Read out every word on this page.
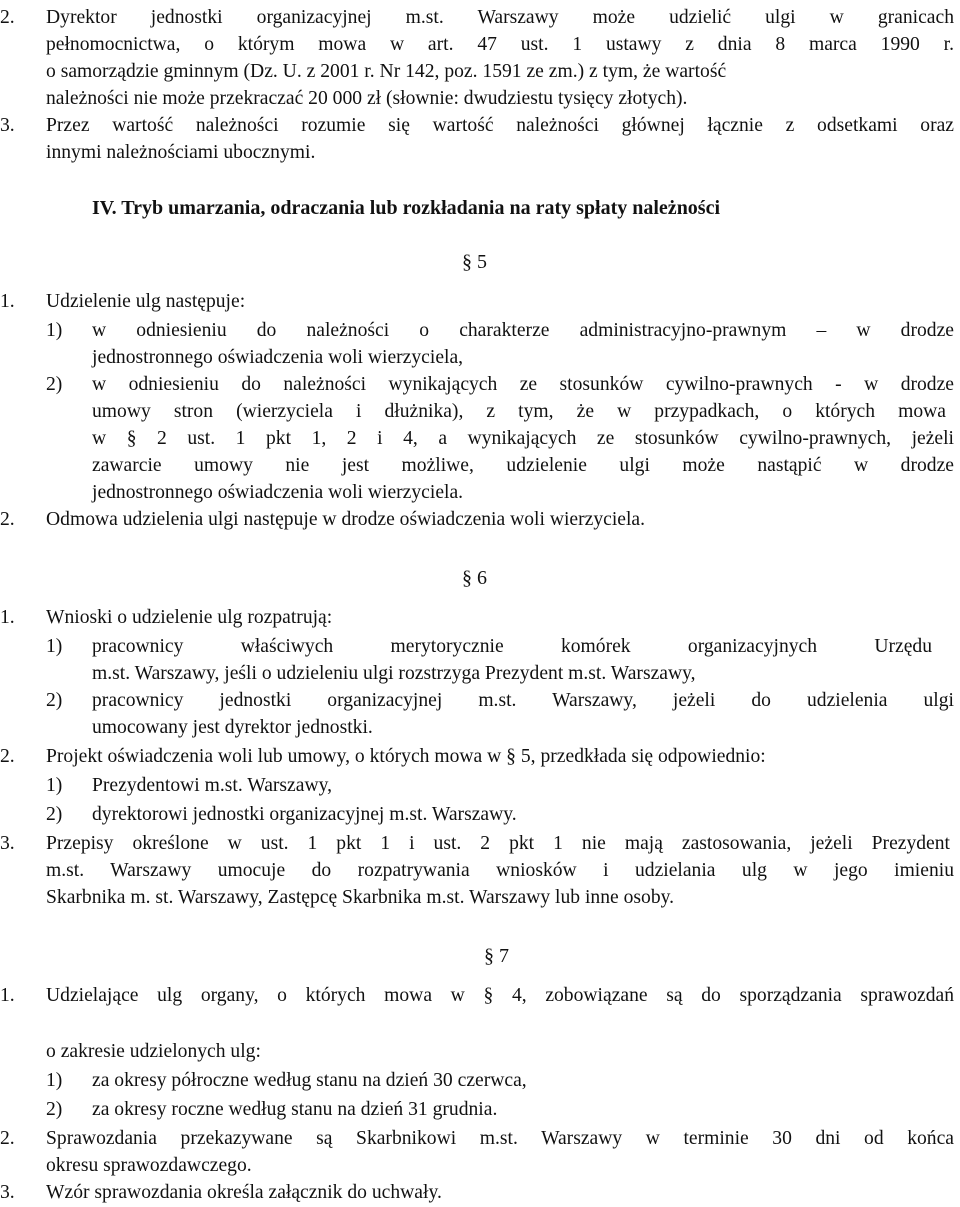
2. Dyrektor jednostki organizacyjnej m.st. Warszawy może udzielić ulgi w granicach
pełnomocnictwa, o którym mowa w art. 47 ust. 1 ustawy z dnia 8 marca 1990 r.
o samorządzie gminnym (Dz. U. z 2001 r. Nr 142, poz. 1591 ze zm.) z tym, że wartość
należności nie może przekraczać 20 000 zł (słownie: dwudziestu tysięcy złotych).
3. Przez wartość należności rozumie się wartość należności głównej łącznie z odsetkami oraz
innymi należnościami ubocznymi.
IV. Tryb umarzania, odraczania lub rozkładania na raty spłaty należności
§ 5
1. Udzielenie ulg następuje:
1) w odniesieniu do należności o charakterze administracyjno-prawnym – w drodze
jednostronnego oświadczenia woli wierzyciela,
2) w odniesieniu do należności wynikających ze stosunków cywilno-prawnych - w drodze
umowy stron (wierzyciela i dłużnika), z tym, że w przypadkach, o których mowa
w § 2 ust. 1 pkt 1, 2 i 4, a wynikających ze stosunków cywilno-prawnych, jeżeli
zawarcie umowy nie jest możliwe, udzielenie ulgi może nastąpić w drodze
jednostronnego oświadczenia woli wierzyciela.
2. Odmowa udzielenia ulgi następuje w drodze oświadczenia woli wierzyciela.
§ 6
1. Wnioski o udzielenie ulg rozpatrują:
1) pracownicy właściwych merytorycznie komórek organizacyjnych Urzędu
m.st. Warszawy, jeśli o udzieleniu ulgi rozstrzyga Prezydent m.st. Warszawy,
2) pracownicy jednostki organizacyjnej m.st. Warszawy, jeżeli do udzielenia ulgi
umocowany jest dyrektor jednostki.
2. Projekt oświadczenia woli lub umowy, o których mowa w § 5, przedkłada się odpowiednio:
1) Prezydentowi m.st. Warszawy,
2) dyrektorowi jednostki organizacyjnej m.st. Warszawy.
3. Przepisy określone w ust. 1 pkt 1 i ust. 2 pkt 1 nie mają zastosowania, jeżeli Prezydent
m.st. Warszawy umocuje do rozpatrywania wniosków i udzielania ulg w jego imieniu
Skarbnika m. st. Warszawy, Zastępcę Skarbnika m.st. Warszawy lub inne osoby.
§ 7
1. Udzielające ulg organy, o których mowa w § 4, zobowiązane są do sporządzania sprawozdań
o zakresie udzielonych ulg:
1) za okresy półroczne według stanu na dzień 30 czerwca,
2) za okresy roczne według stanu na dzień 31 grudnia.
2. Sprawozdania przekazywane są Skarbnikowi m.st. Warszawy w terminie 30 dni od końca
okresu sprawozdawczego.
3. Wzór sprawozdania określa załącznik do uchwały.
